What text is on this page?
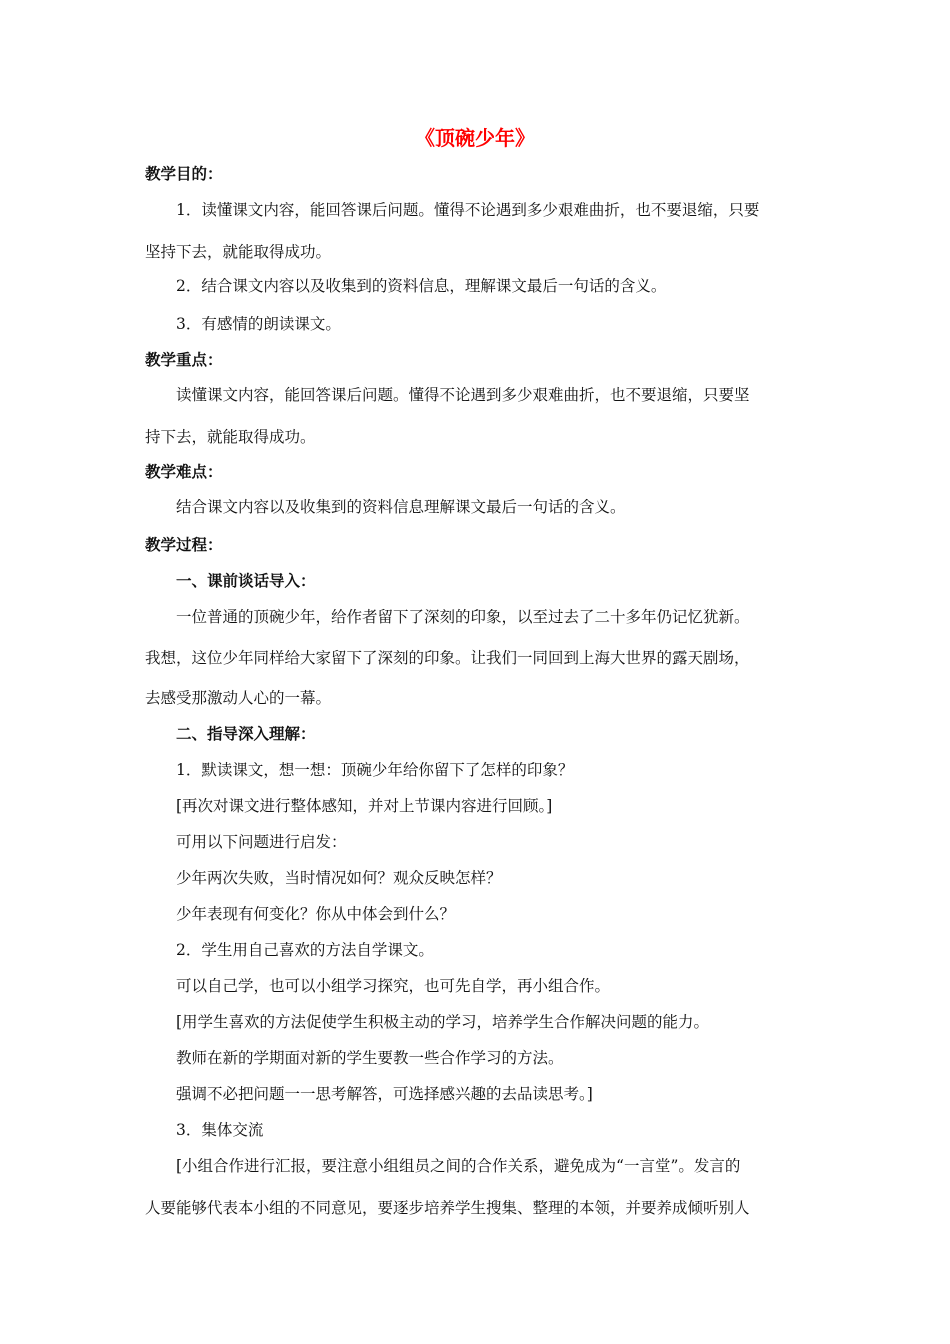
《顶碗少年》
教学目的：
1．读懂课文内容，能回答课后问题。懂得不论遇到多少艰难曲折，也不要退缩，只要
坚持下去，就能取得成功。
2．结合课文内容以及收集到的资料信息，理解课文最后一句话的含义。
3．有感情的朗读课文。
教学重点：
读懂课文内容，能回答课后问题。懂得不论遇到多少艰难曲折，也不要退缩，只要坚
持下去，就能取得成功。
教学难点：
结合课文内容以及收集到的资料信息理解课文最后一句话的含义。
教学过程：
一、课前谈话导入：
一位普通的顶碗少年，给作者留下了深刻的印象，以至过去了二十多年仍记忆犹新。
我想，这位少年同样给大家留下了深刻的印象。让我们一同回到上海大世界的露天剧场，
去感受那激动人心的一幕。
二、指导深入理解：
1．默读课文，想一想：顶碗少年给你留下了怎样的印象？
[再次对课文进行整体感知，并对上节课内容进行回顾。]
可用以下问题进行启发：
少年两次失败，当时情况如何？观众反映怎样？
少年表现有何变化？你从中体会到什么？
2．学生用自己喜欢的方法自学课文。
可以自己学，也可以小组学习探究，也可先自学，再小组合作。
[用学生喜欢的方法促使学生积极主动的学习，培养学生合作解决问题的能力。
教师在新的学期面对新的学生要教一些合作学习的方法。
强调不必把问题一一思考解答，可选择感兴趣的去品读思考。]
3．集体交流
[小组合作进行汇报，要注意小组组员之间的合作关系，避免成为“一言堂”。发言的
人要能够代表本小组的不同意见，要逐步培养学生搜集、整理的本领，并要养成倾听别人
